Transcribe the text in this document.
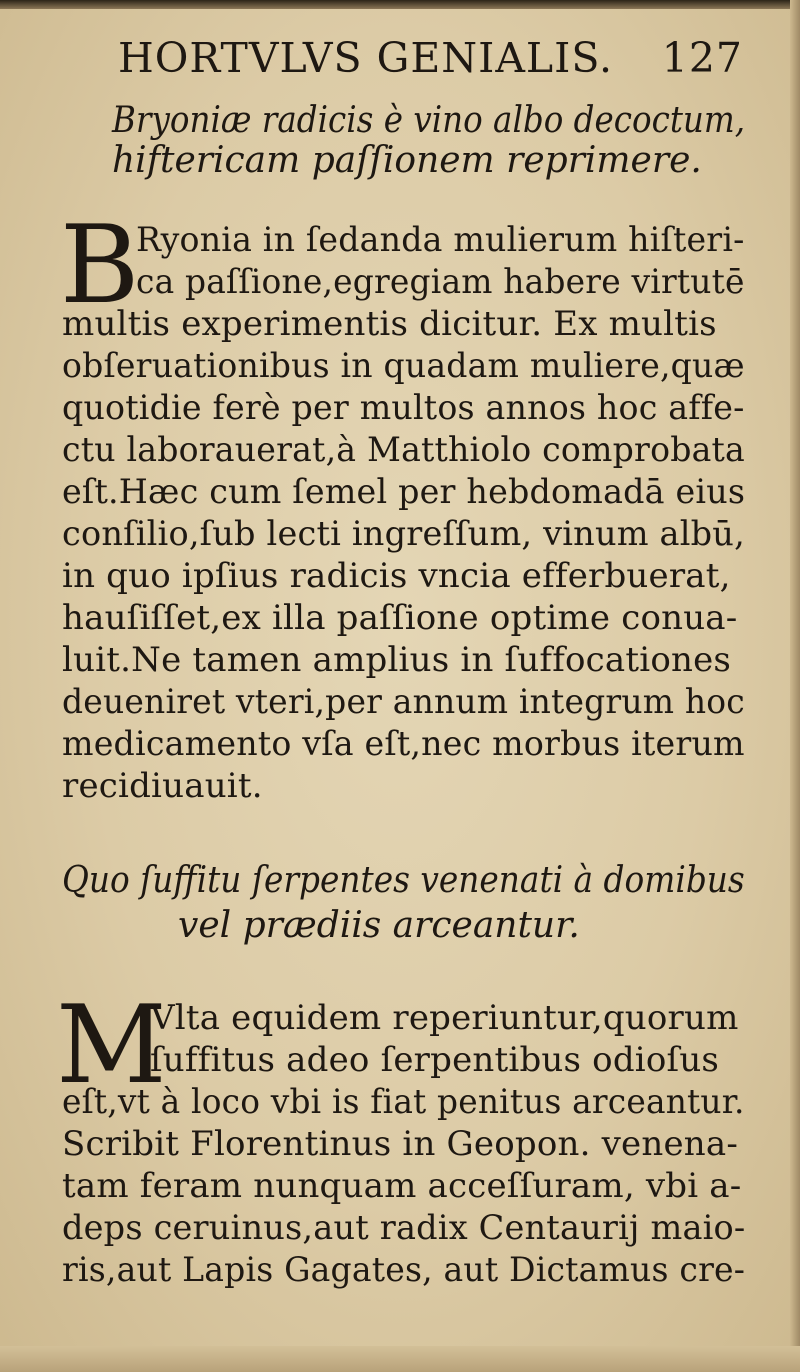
HORTVLVS GENIALIS. 127
Bryoniæ radicis è vino albo decoctum,
hiftericam paſſionem reprimere.
B
Ryonia in ſedanda mulierum hiſteri-
ca paſſione,egregiam habere virtutē
multis experimentis dicitur. Ex multis
obſeruationibus in quadam muliere,quæ
quotidie ferè per multos annos hoc affe-
ctu laborauerat,à Matthiolo comprobata
eſt.Hæc cum ſemel per hebdomadā eius
conſilio,ſub lecti ingreſſum, vinum albū,
in quo ipſius radicis vncia efferbuerat,
hauſiſſet,ex illa paſſione optime conua-
luit.Ne tamen amplius in ſuffocationes
deueniret vteri,per annum integrum hoc
medicamento vſa eſt,nec morbus iterum
recidiuauit.
Quo ſuffitu ſerpentes venenati à domibus
vel prædiis arceantur.
M
Vlta equidem reperiuntur,quorum
ſuffitus adeo ſerpentibus odioſus
eſt,vt à loco vbi is fiat penitus arceantur.
Scribit Florentinus in Geopon. venena-
tam feram nunquam acceſſuram, vbi a-
deps ceruinus,aut radix Centaurij maio-
ris,aut Lapis Gagates, aut Dictamus cre-
